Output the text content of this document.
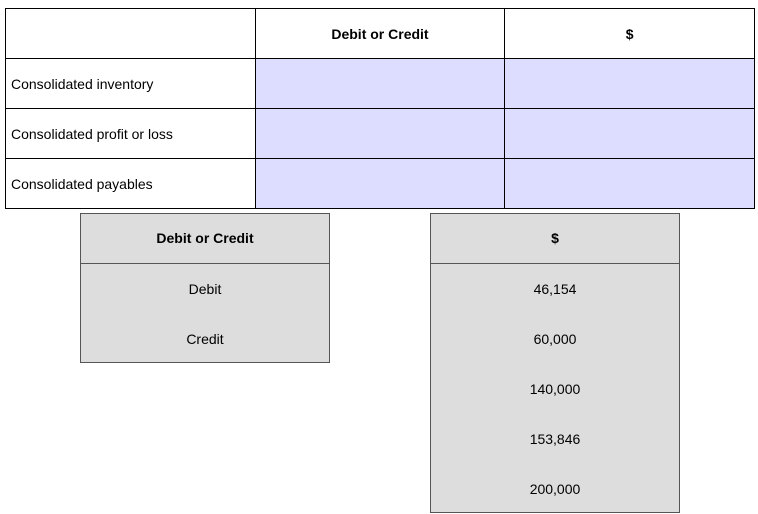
	Debit or Credit	$
Consolidated inventory		
Consolidated profit or loss		
Consolidated payables		
Debit or Credit
Debit
Credit
$
46,154
60,000
140,000
153,846
200,000
